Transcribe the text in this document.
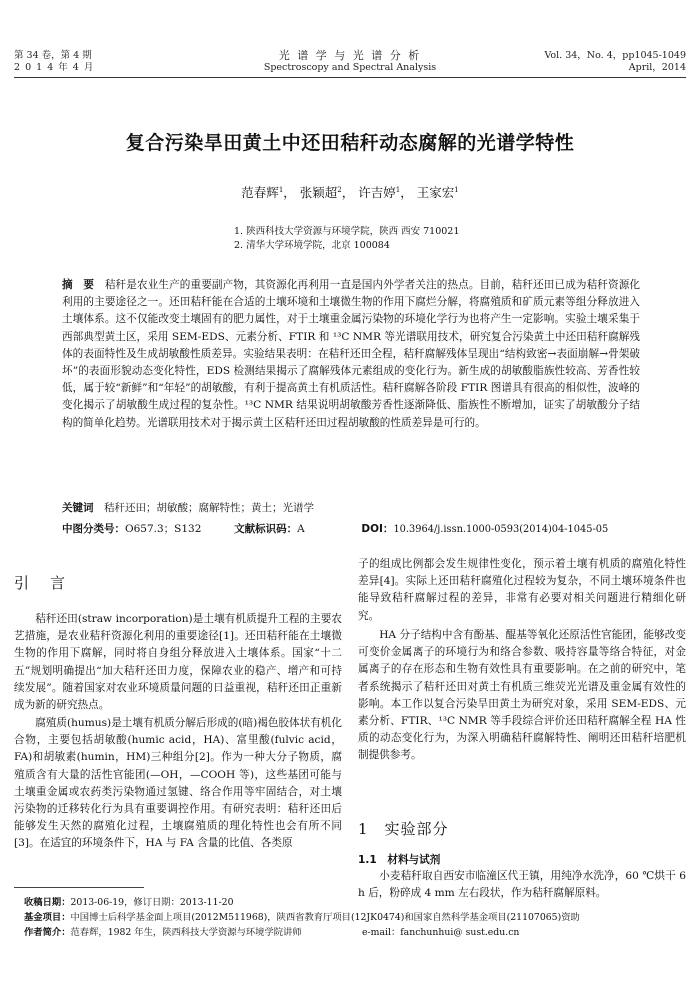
第 34 卷，第 4 期
2 0 1 4 年 4 月
光 谱 学 与 光 谱 分 析
Spectroscopy and Spectral Analysis
Vol. 34，No. 4，pp1045-1049
April，2014
复合污染旱田黄土中还田秸秆动态腐解的光谱学特性
范春辉$^1$， 张颖超$^2$， 许吉婷$^1$， 王家宏$^1$
1. 陕西科技大学资源与环境学院，陕西 西安 710021
2. 清华大学环境学院，北京 100084
摘　要　 秸秆是农业生产的重要副产物，其资源化再利用一直是国内外学者关注的热点。目前，秸秆还田已成为秸秆资源化利用的主要途径之一。还田秸秆能在合适的土壤环境和土壤微生物的作用下腐烂分解，将腐殖质和矿质元素等组分释放进入土壤体系。这不仅能改变土壤固有的肥力属性，对于土壤重金属污染物的环境化学行为也将产生一定影响。实验土壤采集于西部典型黄土区，采用 SEM-EDS、元素分析、FTIR 和 ¹³C NMR 等光谱联用技术，研究复合污染黄土中还田秸秆腐解残体的表面特性及生成胡敏酸性质差异。实验结果表明：在秸秆还田全程，秸秆腐解残体呈现出“结构致密→表面崩解→骨架破坏”的表面形貌动态变化特性，EDS 检测结果揭示了腐解残体元素组成的变化行为。新生成的胡敏酸脂族性较高、芳香性较低，属于较“新鲜”和“年轻”的胡敏酸，有利于提高黄土有机质活性。秸秆腐解各阶段 FTIR 图谱具有很高的相似性，波峰的变化揭示了胡敏酸生成过程的复杂性。¹³C NMR 结果说明胡敏酸芳香性逐渐降低、脂族性不断增加，证实了胡敏酸分子结构的简单化趋势。光谱联用技术对于揭示黄土区秸秆还田过程胡敏酸的性质差异是可行的。
关键词　 秸秆还田；胡敏酸；腐解特性；黄土；光谱学
中图分类号：O657.3；S132	文献标识码：A	DOI：10.3964/j.issn.1000-0593(2014)04-1045-05
引　言
秸秆还田(straw incorporation)是土壤有机质提升工程的主要农艺措施，是农业秸秆资源化利用的重要途径[1]。还田秸秆能在土壤微生物的作用下腐解，同时将自身组分释放进入土壤体系。国家“十二五”规划明确提出“加大秸秆还田力度，保障农业的稳产、增产和可持续发展”。随着国家对农业环境质量问题的日益重视，秸秆还田正重新成为新的研究热点。
腐殖质(humus)是土壤有机质分解后形成的(暗)褐色胶体状有机化合物，主要包括胡敏酸(humic acid，HA)、富里酸(fulvic acid，FA)和胡敏素(humin，HM)三种组分[2]。作为一种大分子物质，腐殖质含有大量的活性官能团(—OH，—COOH 等)，这些基团可能与土壤重金属或农药类污染物通过氢键、络合作用等牢固结合，对土壤污染物的迁移转化行为具有重要调控作用。有研究表明：秸秆还田后能够发生天然的腐殖化过程，土壤腐殖质的理化特性也会有所不同[3]。在适宜的环境条件下，HA 与 FA 含量的比值、各类原
子的组成比例都会发生规律性变化，预示着土壤有机质的腐殖化特性差异[4]。实际上还田秸秆腐殖化过程较为复杂，不同土壤环境条件也能导致秸秆腐解过程的差异，非常有必要对相关问题进行精细化研究。
HA 分子结构中含有酚基、醌基等氧化还原活性官能团，能够改变可变价金属离子的环境行为和络合参数、吸持容量等络合特征，对金属离子的存在形态和生物有效性具有重要影响。在之前的研究中，笔者系统揭示了秸秆还田对黄土有机质三维荧光光谱及重金属有效性的影响。本工作以复合污染旱田黄土为研究对象，采用 SEM-EDS、元素分析、FTIR、¹³C NMR 等手段综合评价还田秸秆腐解全程 HA 性质的动态变化行为，为深入明确秸秆腐解特性、阐明还田秸秆培肥机制提供参考。
1　实验部分
1.1　材料与试剂
小麦秸秆取自西安市临潼区代王镇，用纯净水洗净，60 ℃烘干 6 h 后，粉碎成 4 mm 左右段状，作为秸秆腐解原料。
收稿日期：2013-06-19，修订日期：2013-11-20
基金项目：中国博士后科学基金面上项目(2012M511968)，陕西省教育厅项目(12JK0474)和国家自然科学基金项目(21107065)资助
作者简介：范春辉，1982 年生，陕西科技大学资源与环境学院讲师	e-mail：fanchunhui@ sust.edu.cn
